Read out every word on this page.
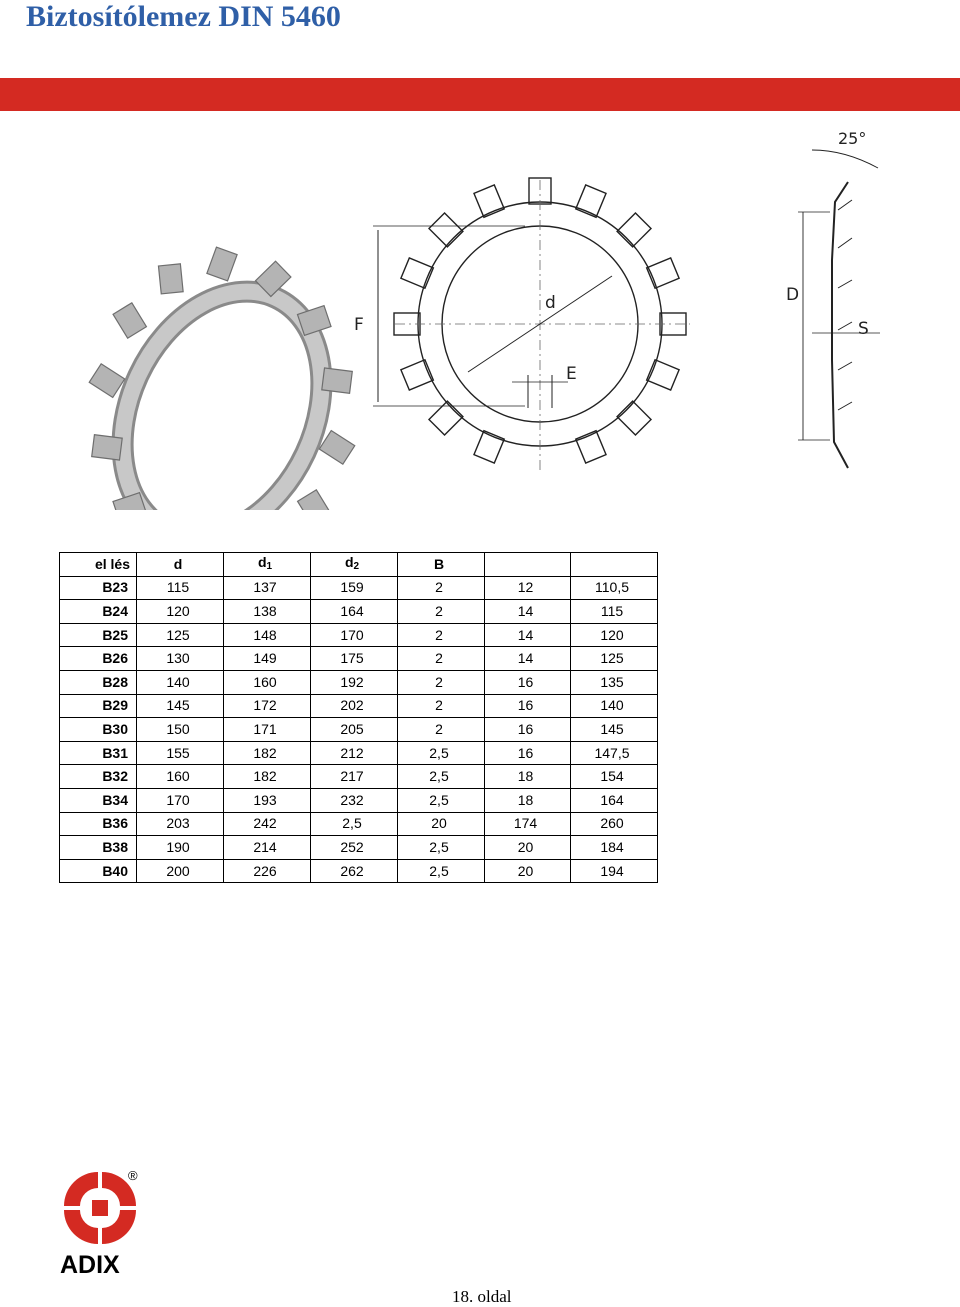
Biztosítólemez DIN 5460
F
d
E
D
S
25°
el lés	d	$d_1$	$d_2$	B		
B23	115	137	159	2	12	110,5
B24	120	138	164	2	14	115
B25	125	148	170	2	14	120
B26	130	149	175	2	14	125
B28	140	160	192	2	16	135
B29	145	172	202	2	16	140
B30	150	171	205	2	16	145
B31	155	182	212	2,5	16	147,5
B32	160	182	217	2,5	18	154
B34	170	193	232	2,5	18	164
B36	203	242	2,5	20	174	260
B38	190	214	252	2,5	20	184
B40	200	226	262	2,5	20	194
®
ADIX
18. oldal
